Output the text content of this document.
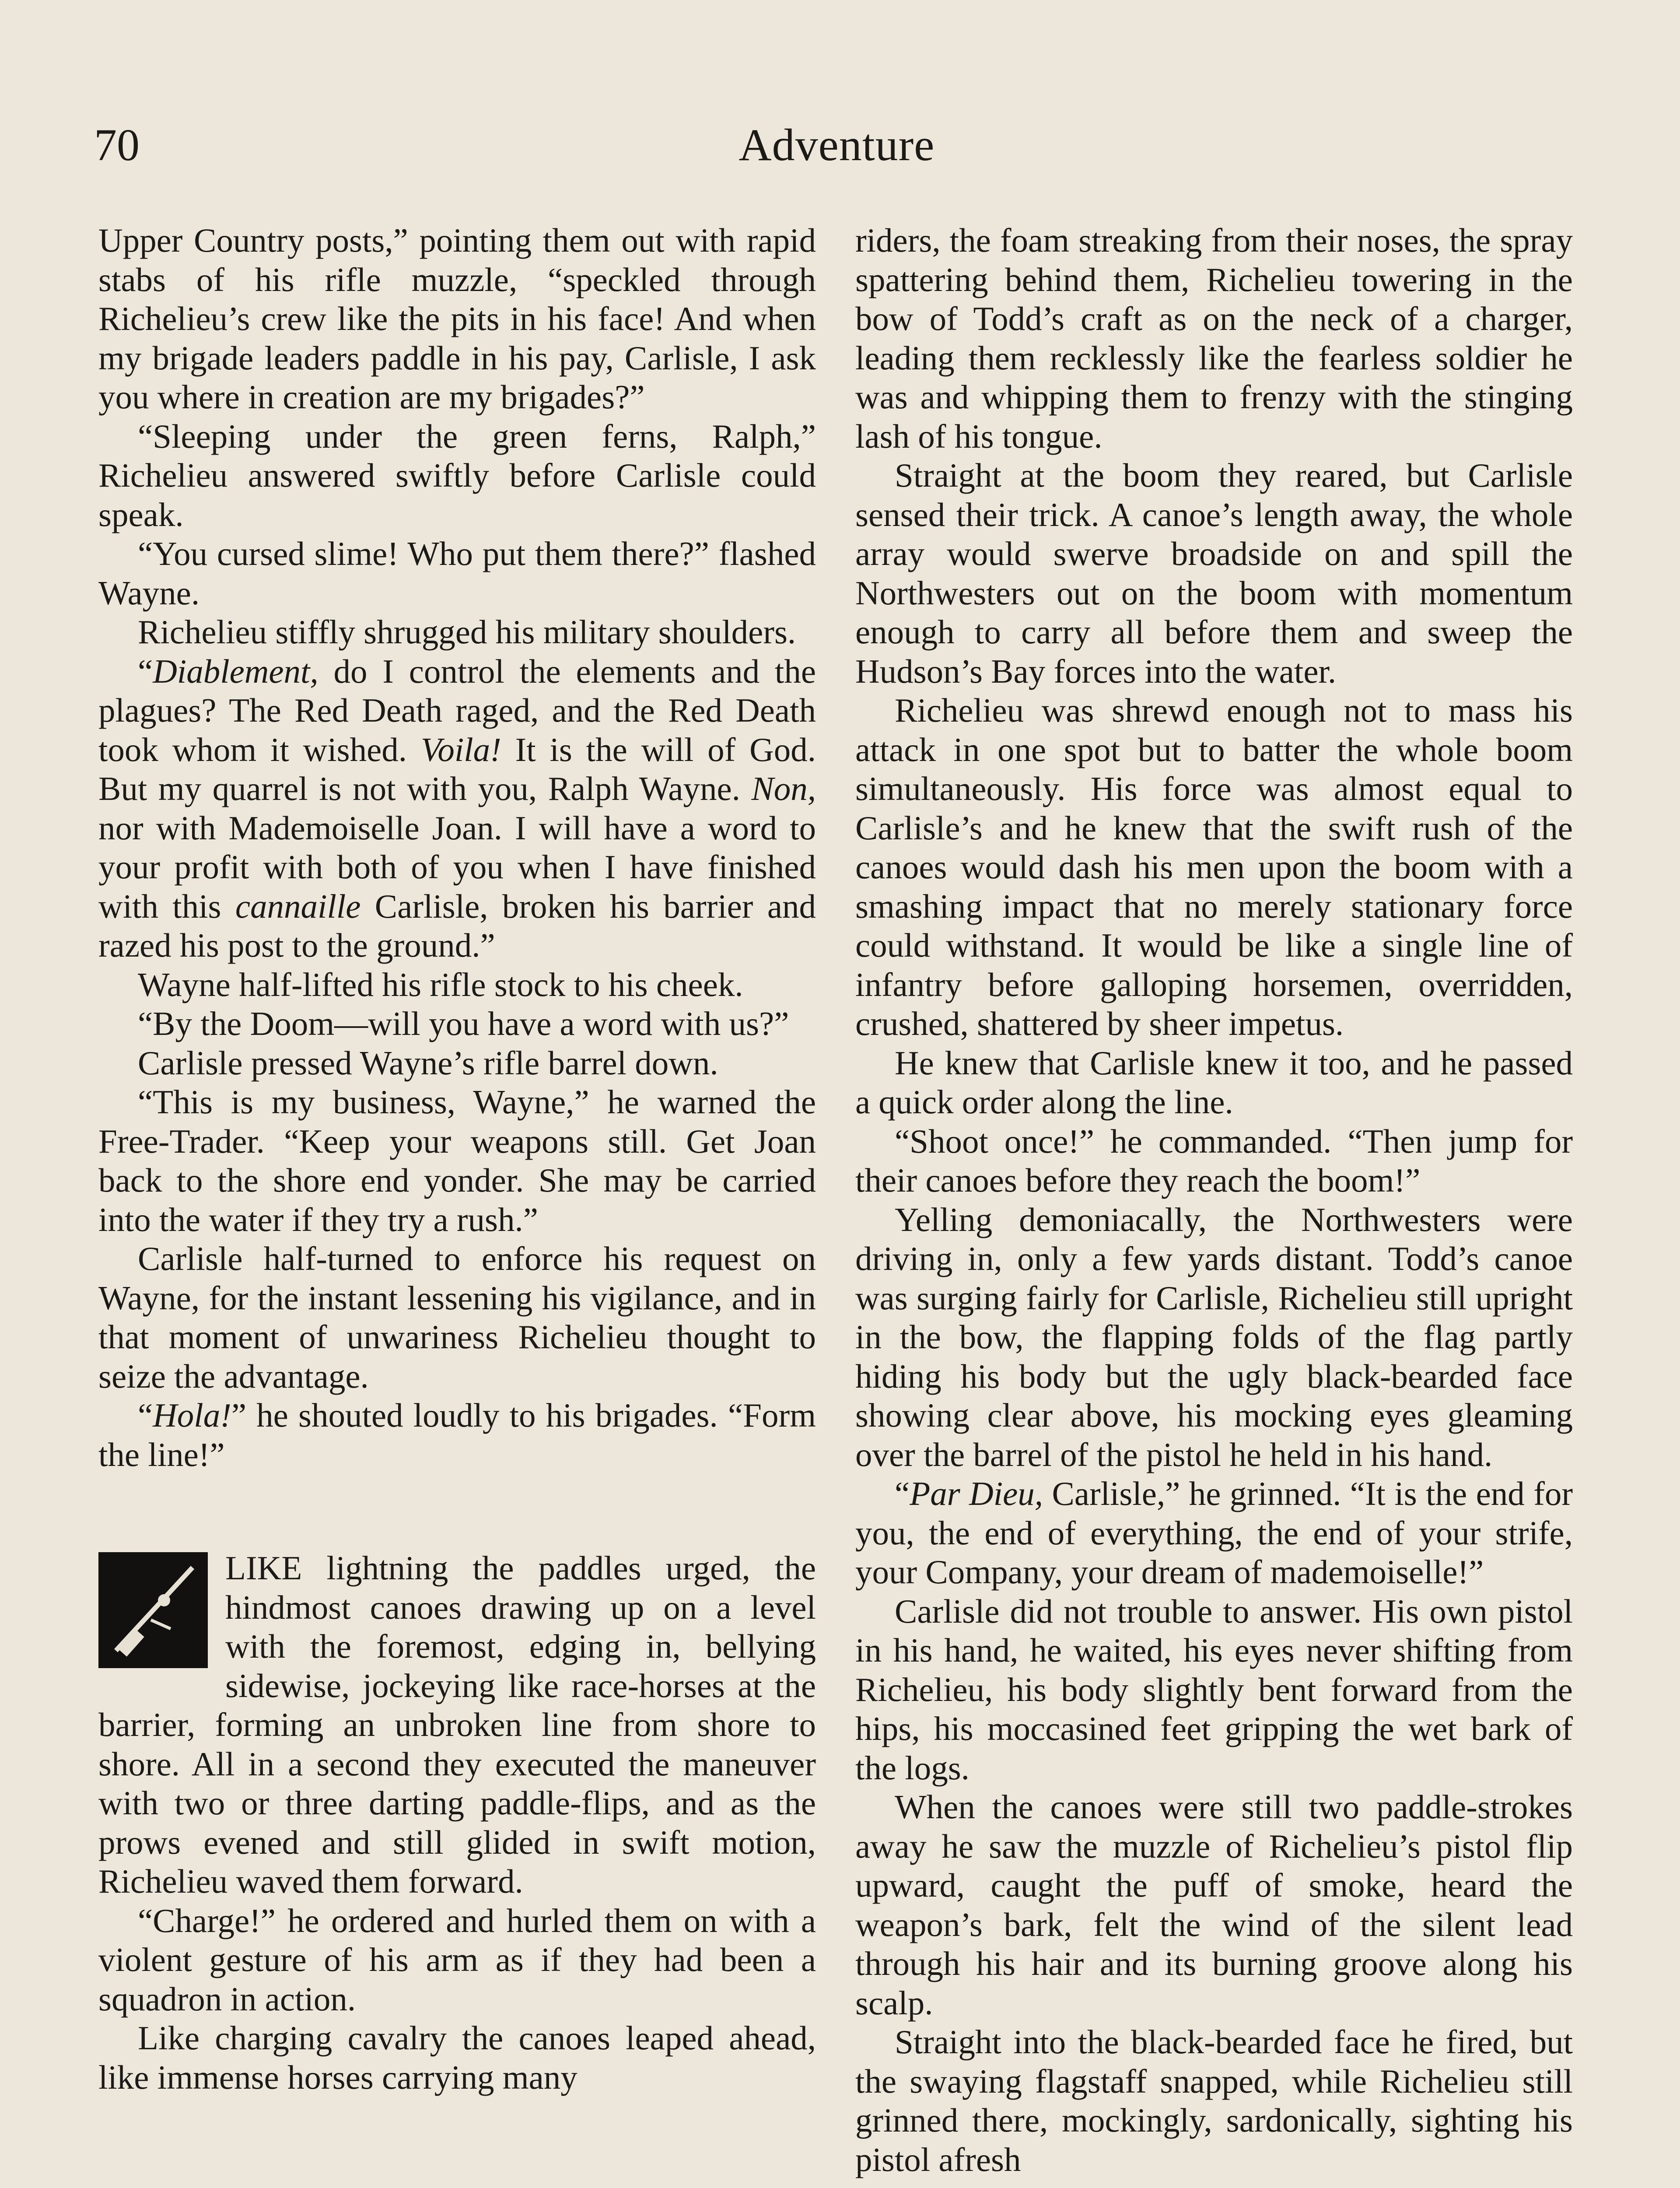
70	Adventure

Upper Country posts,” pointing them out with rapid stabs of his rifle muzzle, “speckled through Richelieu’s crew like the pits in his face! And when my brigade leaders paddle in his pay, Carlisle, I ask you where in creation are my brigades?”

“Sleeping under the green ferns, Ralph,” Richelieu answered swiftly before Carlisle could speak.

“You cursed slime! Who put them there?” flashed Wayne.

Richelieu stiffly shrugged his military shoulders.

“Diablement, do I control the elements and the plagues? The Red Death raged, and the Red Death took whom it wished. Voila! It is the will of God. But my quarrel is not with you, Ralph Wayne. Non, nor with Mademoiselle Joan. I will have a word to your profit with both of you when I have finished with this cannaille Carlisle, broken his barrier and razed his post to the ground.”

Wayne half-lifted his rifle stock to his cheek.

“By the Doom—will you have a word with us?”

Carlisle pressed Wayne’s rifle barrel down.

“This is my business, Wayne,” he warned the Free-Trader. “Keep your weapons still. Get Joan back to the shore end yonder. She may be carried into the water if they try a rush.”

Carlisle half-turned to enforce his request on Wayne, for the instant lessening his vigilance, and in that moment of unwariness Richelieu thought to seize the advantage.

“Hola!” he shouted loudly to his brigades. “Form the line!”

LIKE lightning the paddles urged, the hindmost canoes drawing up on a level with the foremost, edging in, bellying sidewise, jockeying like race-horses at the barrier, forming an unbroken line from shore to shore. All in a second they executed the maneuver with two or three darting paddle-flips, and as the prows evened and still glided in swift motion, Richelieu waved them forward.

“Charge!” he ordered and hurled them on with a violent gesture of his arm as if they had been a squadron in action.

Like charging cavalry the canoes leaped ahead, like immense horses carrying many

riders, the foam streaking from their noses, the spray spattering behind them, Richelieu towering in the bow of Todd’s craft as on the neck of a charger, leading them recklessly like the fearless soldier he was and whipping them to frenzy with the stinging lash of his tongue.

Straight at the boom they reared, but Carlisle sensed their trick. A canoe’s length away, the whole array would swerve broadside on and spill the Northwesters out on the boom with momentum enough to carry all before them and sweep the Hudson’s Bay forces into the water.

Richelieu was shrewd enough not to mass his attack in one spot but to batter the whole boom simultaneously. His force was almost equal to Carlisle’s and he knew that the swift rush of the canoes would dash his men upon the boom with a smashing impact that no merely stationary force could withstand. It would be like a single line of infantry before galloping horsemen, overridden, crushed, shattered by sheer impetus.

He knew that Carlisle knew it too, and he passed a quick order along the line.

“Shoot once!” he commanded. “Then jump for their canoes before they reach the boom!”

Yelling demoniacally, the Northwesters were driving in, only a few yards distant. Todd’s canoe was surging fairly for Carlisle, Richelieu still upright in the bow, the flapping folds of the flag partly hiding his body but the ugly black-bearded face showing clear above, his mocking eyes gleaming over the barrel of the pistol he held in his hand.

“Par Dieu, Carlisle,” he grinned. “It is the end for you, the end of everything, the end of your strife, your Company, your dream of mademoiselle!”

Carlisle did not trouble to answer. His own pistol in his hand, he waited, his eyes never shifting from Richelieu, his body slightly bent forward from the hips, his moccasined feet gripping the wet bark of the logs.

When the canoes were still two paddle-strokes away he saw the muzzle of Richelieu’s pistol flip upward, caught the puff of smoke, heard the weapon’s bark, felt the wind of the silent lead through his hair and its burning groove along his scalp.

Straight into the black-bearded face he fired, but the swaying flagstaff snapped, while Richelieu still grinned there, mockingly, sardonically, sighting his pistol afresh
